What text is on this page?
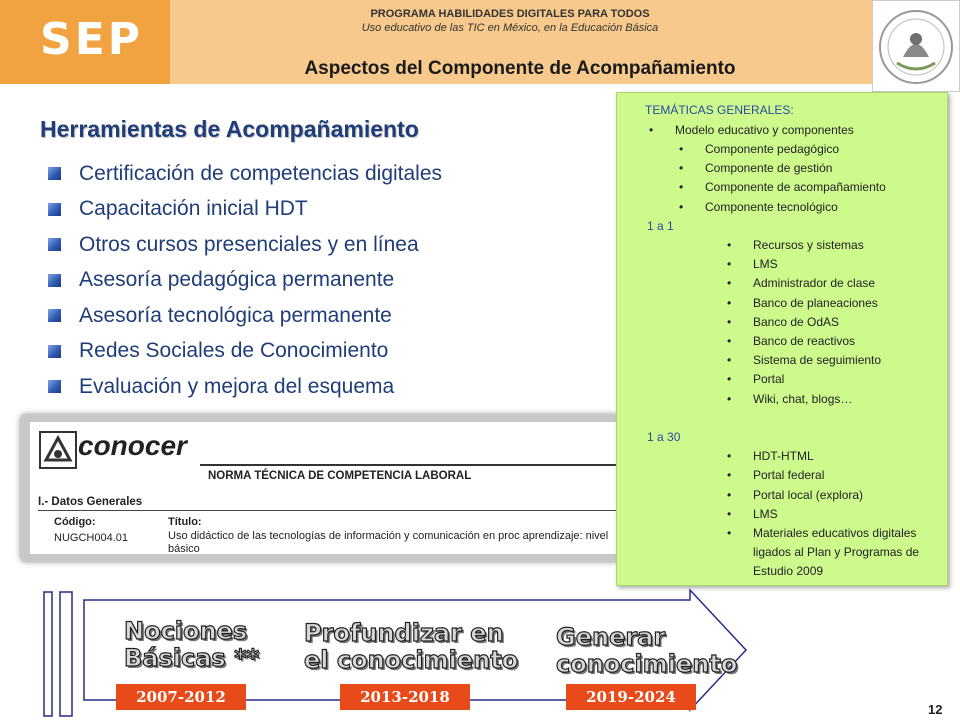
SEP	PROGRAMA HABILIDADES DIGITALES PARA TODOS
Uso educativo de las TIC en México, en la Educación Básica
Aspectos del Componente de Acompañamiento
Herramientas de Acompañamiento
Certificación de competencias digitales
Capacitación inicial HDT
Otros cursos presenciales y en línea
Asesoría pedagógica permanente
Asesoría tecnológica permanente
Redes Sociales de Conocimiento
Evaluación y mejora del esquema
conocer
NORMA TÉCNICA DE COMPETENCIA LABORAL
I.- Datos Generales
Código:
NUGCH004.01
Título:
Uso didáctico de las tecnologías de información y comunicación en proc aprendizaje: nivel básico
TEMÁTICAS GENERALES:
• Modelo educativo y componentes
• Componente pedagógico
• Componente de gestión
• Componente de acompañamiento
• Componente tecnológico
1 a 1
• Recursos y sistemas
• LMS
• Administrador de clase
• Banco de planeaciones
• Banco de OdAS
• Banco de reactivos
• Sistema de seguimiento
• Portal
• Wiki, chat, blogs…
1 a 30
• HDT-HTML
• Portal federal
• Portal local (explora)
• LMS
• Materiales educativos digitales
ligados al Plan y Programas de
Estudio 2009
Nociones
Básicas **
Profundizar en
el conocimiento
Generar
conocimiento
2007-2012	2013-2018	2019-2024
12
